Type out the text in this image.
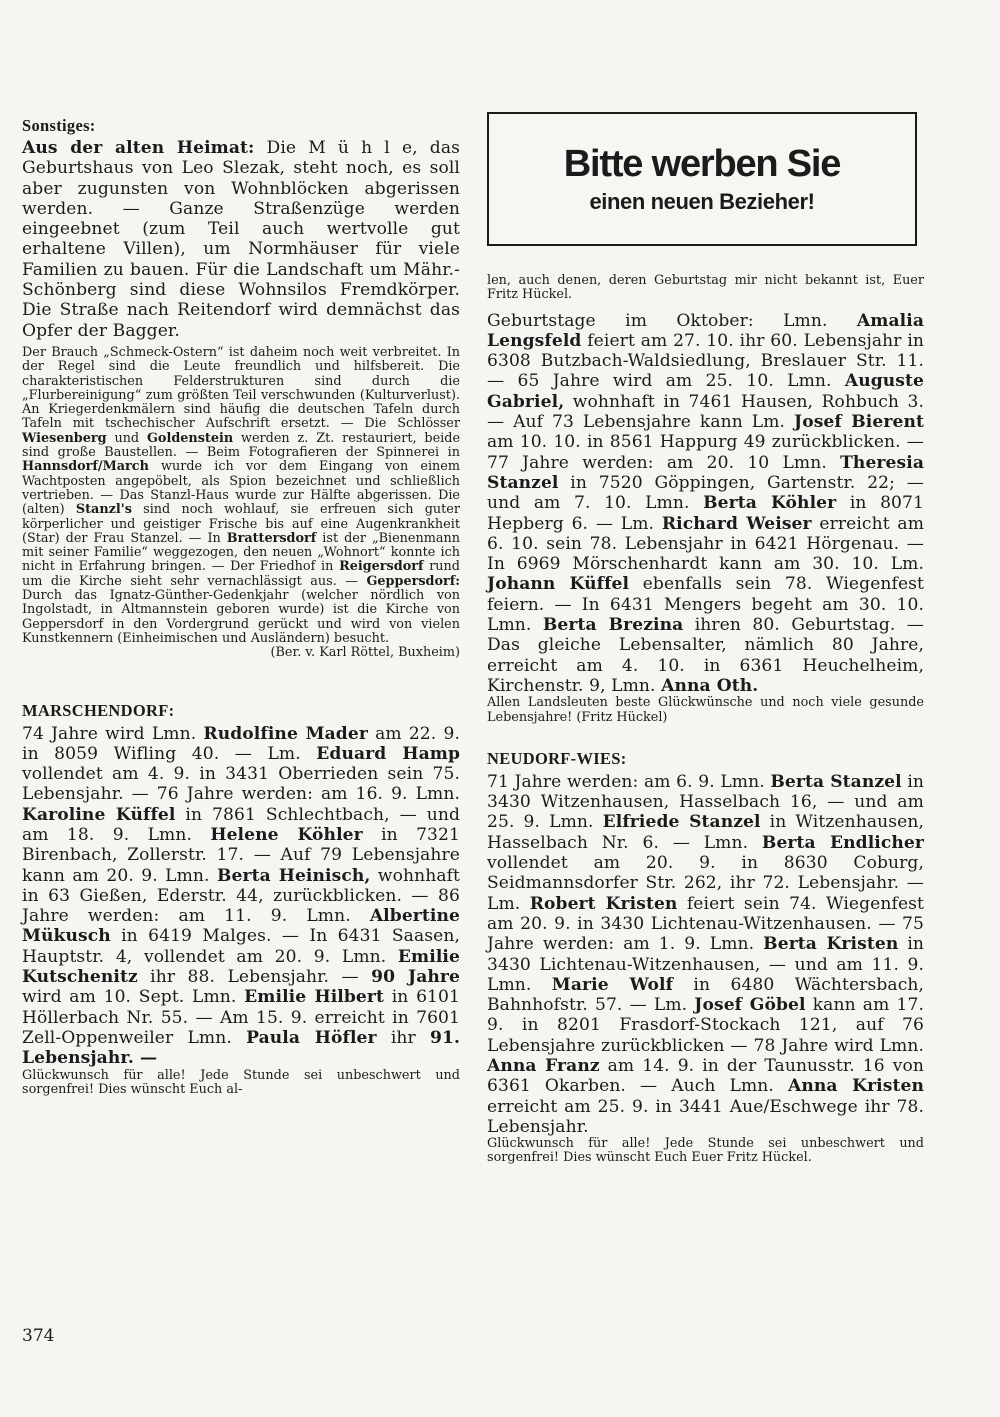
Sonstiges:

Aus der alten Heimat: Die M ü h l e, das Geburtshaus von Leo Slezak, steht noch, es soll aber zugunsten von Wohnblöcken abgerissen werden. — Ganze Straßenzüge werden eingeebnet (zum Teil auch wertvolle gut erhaltene Villen), um Normhäuser für viele Familien zu bauen. Für die Landschaft um Mähr.-Schönberg sind diese Wohnsilos Fremdkörper. Die Straße nach Reitendorf wird demnächst das Opfer der Bagger.

Der Brauch „Schmeck-Ostern“ ist daheim noch weit verbreitet. In der Regel sind die Leute freundlich und hilfsbereit. Die charakteristischen Felderstrukturen sind durch die „Flurbereinigung“ zum größten Teil verschwunden (Kulturverlust). An Kriegerdenkmälern sind häufig die deutschen Tafeln durch Tafeln mit tschechischer Aufschrift ersetzt. — Die Schlösser Wiesenberg und Goldenstein werden z. Zt. restauriert, beide sind große Baustellen. — Beim Fotografieren der Spinnerei in Hannsdorf/March wurde ich vor dem Eingang von einem Wachtposten angepöbelt, als Spion bezeichnet und schließlich vertrieben. — Das Stanzl-Haus wurde zur Hälfte abgerissen. Die (alten) Stanzl's sind noch wohlauf, sie erfreuen sich guter körperlicher und geistiger Frische bis auf eine Augenkrankheit (Star) der Frau Stanzel. — In Brattersdorf ist der „Bienenmann mit seiner Familie“ weggezogen, den neuen „Wohnort“ konnte ich nicht in Erfahrung bringen. — Der Friedhof in Reigersdorf rund um die Kirche sieht sehr vernachlässigt aus. — Geppersdorf: Durch das Ignatz-Günther-Gedenkjahr (welcher nördlich von Ingolstadt, in Altmannstein geboren wurde) ist die Kirche von Geppersdorf in den Vordergrund gerückt und wird von vielen Kunstkennern (Einheimischen und Ausländern) besucht.

(Ber. v. Karl Röttel, Buxheim)

MARSCHENDORF:

74 Jahre wird Lmn. Rudolfine Mader am 22. 9. in 8059 Wifling 40. — Lm. Eduard Hamp vollendet am 4. 9. in 3431 Oberrieden sein 75. Lebensjahr. — 76 Jahre werden: am 16. 9. Lmn. Karoline Küffel in 7861 Schlechtbach, — und am 18. 9. Lmn. Helene Köhler in 7321 Birenbach, Zollerstr. 17. — Auf 79 Lebensjahre kann am 20. 9. Lmn. Berta Heinisch, wohnhaft in 63 Gießen, Ederstr. 44, zurückblicken. — 86 Jahre werden: am 11. 9. Lmn. Albertine Mükusch in 6419 Malges. — In 6431 Saasen, Hauptstr. 4, vollendet am 20. 9. Lmn. Emilie Kutschenitz ihr 88. Lebensjahr. — 90 Jahre wird am 10. Sept. Lmn. Emilie Hilbert in 6101 Höllerbach Nr. 55. — Am 15. 9. erreicht in 7601 Zell-Oppenweiler Lmn. Paula Höfler ihr 91. Lebensjahr. —

Glückwunsch für alle! Jede Stunde sei unbeschwert und sorgenfrei! Dies wünscht Euch al-

Bitte werben Sie
einen neuen Bezieher!

len, auch denen, deren Geburtstag mir nicht bekannt ist, Euer Fritz Hückel.

Geburtstage im Oktober: Lmn. Amalia Lengsfeld feiert am 27. 10. ihr 60. Lebensjahr in 6308 Butzbach-Waldsiedlung, Breslauer Str. 11. — 65 Jahre wird am 25. 10. Lmn. Auguste Gabriel, wohnhaft in 7461 Hausen, Rohbuch 3. — Auf 73 Lebensjahre kann Lm. Josef Bierent am 10. 10. in 8561 Happurg 49 zurückblicken. — 77 Jahre werden: am 20. 10 Lmn. Theresia Stanzel in 7520 Göppingen, Gartenstr. 22; — und am 7. 10. Lmn. Berta Köhler in 8071 Hepberg 6. — Lm. Richard Weiser erreicht am 6. 10. sein 78. Lebensjahr in 6421 Hörgenau. — In 6969 Mörschenhardt kann am 30. 10. Lm. Johann Küffel ebenfalls sein 78. Wiegenfest feiern. — In 6431 Mengers begeht am 30. 10. Lmn. Berta Brezina ihren 80. Geburtstag. — Das gleiche Lebensalter, nämlich 80 Jahre, erreicht am 4. 10. in 6361 Heuchelheim, Kirchenstr. 9, Lmn. Anna Oth.

Allen Landsleuten beste Glückwünsche und noch viele gesunde Lebensjahre! (Fritz Hückel)

NEUDORF-WIES:

71 Jahre werden: am 6. 9. Lmn. Berta Stanzel in 3430 Witzenhausen, Hasselbach 16, — und am 25. 9. Lmn. Elfriede Stanzel in Witzenhausen, Hasselbach Nr. 6. — Lmn. Berta Endlicher vollendet am 20. 9. in 8630 Coburg, Seidmannsdorfer Str. 262, ihr 72. Lebensjahr. — Lm. Robert Kristen feiert sein 74. Wiegenfest am 20. 9. in 3430 Lichtenau-Witzenhausen. — 75 Jahre werden: am 1. 9. Lmn. Berta Kristen in 3430 Lichtenau-Witzenhausen, — und am 11. 9. Lmn. Marie Wolf in 6480 Wächtersbach, Bahnhofstr. 57. — Lm. Josef Göbel kann am 17. 9. in 8201 Frasdorf-Stockach 121, auf 76 Lebensjahre zurückblicken — 78 Jahre wird Lmn. Anna Franz am 14. 9. in der Taunusstr. 16 von 6361 Okarben. — Auch Lmn. Anna Kristen erreicht am 25. 9. in 3441 Aue/Eschwege ihr 78. Lebensjahr.

Glückwunsch für alle! Jede Stunde sei unbeschwert und sorgenfrei! Dies wünscht Euch Euer Fritz Hückel.

374
